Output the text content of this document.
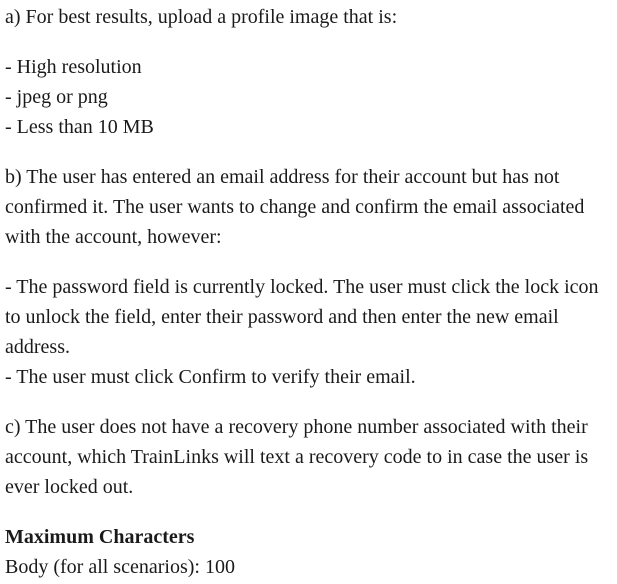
a) For best results, upload a profile image that is:

- High resolution

- jpeg or png

- Less than 10 MB

b) The user has entered an email address for their account but has not confirmed it. The user wants to change and confirm the email associated with the account, however:

- The password field is currently locked. The user must click the lock icon to unlock the field, enter their password and then enter the new email address.

- The user must click Confirm to verify their email.

c) The user does not have a recovery phone number associated with their account, which TrainLinks will text a recovery code to in case the user is ever locked out.

Maximum Characters

Body (for all scenarios): 100
